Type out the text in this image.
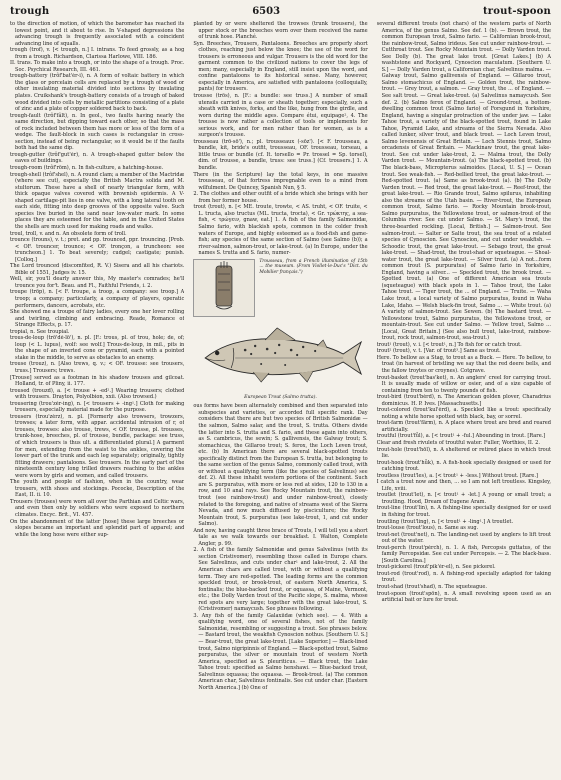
trough	6503	trout-spoon

to the direction of motion, of which the barometer has reached its lowest point, and it about to rise. In V-shaped depressions the advancing trough is frequently associated with a coincident advancing line of squalls.

trough (trof), v. [< trough, n.] I. intrans. To feed grossly, as a hog from a trough. Richardson, Clarissa Harlowe, VIII. 186.

II. trans. To make into a trough, or into the shape of a trough. Proc. Soc. Psychical Research, III. 461.

trough-battery (trôf'bat'ėr-i), n. A form of voltaic battery in which the glass or porcelain cells are replaced by a trough of wood or other insulating material divided into sections by insulating plates. Cruikshank's trough-battery consists of a trough of baked wood divided into cells by metallic partitions consisting of a plate of zinc and a plate of copper soldered back to back.

trough-fault (trôf'fâlt), n. In geol., two faults having nearly the same direction, but dipping toward each other, so that the mass of rock included between them has more or less of the form of a wedge. The fault-block in such cases is rectangular in cross-section, instead of being rectangular, so it would be if the faults both had the same dip.

trough-gutter (trôf'gut'ėr), n. A trough-shaped gutter below the eaves of buildings.

trough-room (trôf'röm), n. In fish-culture, a hatching-house.

trough-shell (trôf'shel), n. A round clam; a member of the Mactridæ (where see cut), especially the British Mactra solida and M. stultorum. These have a shell of nearly triangular form, with thick opaque valves covered with brownish epidermis. A V-shaped cartilage-pit lies in one valve, with a long lateral tooth on each side, fitting into deep grooves of the opposite valve. Such species live buried in the sand near low-water mark. In some places they are esteemed for the table, and in the United States the shells are much used for making roads and walks.

troul, troll, v. and n. An obsolete form of troll.

trounce (trouns), v. t.; pret. and pp. trounced, ppr. trouncing. [Prob. < OF. trouncer, trounce; < OF. tronçon, a truncheon: see truncheon.] 1. To beat severely; cudgel; castigate; punish. [Colloq.]

The Lord trounced (discomfited, R. V.) Sisera and all his chariots. Bible of 1551, Judges iv. 15.

Well, sir, you'll dearly answer this, My master's comrades; he'll trounce you for't. Beau. and Fl., Faithful Friends, i. 2.

troupe (tröp), n. [< F. troupe, a troop, a company: see troop.] A troop; a company; particularly, a company of players, operatic performers, dancers, acrobats, etc.

She showed me a troupe of fairy ladies, every one her lover rolling and twirling, climbing and embracing. Reade, Romance of Strange Effects, p. 17.

tropial, n. See troupial.

trous-de-loup (trö'dė-lö'), n. pl. [F.: trous, pl. of trou, hole; de, of; loup (< L. lupus), wolf: see wolf.] Trous-de-loup, in mil., pits in the shape of an inverted cone or pyramid, each with a pointed stake in the middle, to serve as obstacles to an enemy.

trouse (trouz), n. [Also trews, q. v.; < OF. trousse: see trousers, truss.] Trousers; trews.

[Trouse] served as a footman in his shadow trouses and gilcoat. Holland, tr. of Pliny, ii. 177.

troused (trouzd), a. [< trouse + -ed².] Wearing trousers; clothed with trousers. Drayton, Polyolbion, xxii. (Also trowsed.)

trousering (trou'zėr-ing), n. [< trousers + -ing¹.] Cloth for making trousers, especially material made for the purpose.

trousers (trou'zėrz), n. pl. [Formerly also trowsers, trowzers, trowses; a later form, with appar. accidental intrusion of r, of trouses, trowses: also trouse, trews, < OF. trousse, pl. trousses, trunk-hose, breeches, pl. of trousse, bundle, package: see truss, of which trousers is thus ult. a differentiated plural.] A garment for men, extending from the waist to the ankles, covering the lower part of the trunk and each leg separately; originally, tightly fitting drawers; pantaloons. See trousers. In the early part of the nineteenth century long trilled drawers reaching to the ankles were worn by girls and women, and called trousers.

The youth and people of fashion, when in the country, wear trousers, with shoes and stockings. Pococke, Description of the East, II. ii. 10.

Trousers (trouses) were worn all over the Parthian and Celtic wars, and even then only by soldiers who were exposed to northern climates. Encyc. Brit., VI. 457.

On the abandonment of the latter [hose] these large breeches or slopes became an important and splendid part of apparel; and while the long hose were either sup-

planted by or were sheltered the trowses (trunk trousers), the upper stock or the breeches worn over them received the name of trunk hose. Planché.

Syn. Breeches, Trousers, Pantaloons. Breeches are properly short clothes, reaching just below the knee; the use of the word for trousers is erroneous and vulgar. Trousers is the old word for the garment common to the civilized nations to cover the legs of men; many, especially in England, still insist upon the word, and confine pantaloons to its historical sense. Many, however, especially in America, are satisfied with pantaloons (colloquially, pants) for trousers.

trousse (trös), n. [F.: a bundle: see truss.] A number of small utensils carried in a case or sheath together; especially, such a sheath with knives, forks, and the like, hung from the girdle, and worn during the middle ages. Compare étui, equipage², 4. The trousse is now rather a collection of tools or implements for serious work, and for men rather than for women, as is a surgeon's trousse.

trousseau (trö-sō'), n.; pl. trousseaux (-sōz'). [< F. trousseau, a bundle, kit, bride's outfit, trousseau, OF. trousseau, torseau, a little truss or bundle (cf. It. torsello = Pr. trossel = Sp. torsel), dim. of trousse, a bundle, truss: see truss.] (Cf. trousers.] 1. A bundle.

There (in the Scripture) lay the total keys, in one massive trousseau, of that fortress impregnable even to a mind from wilfulment. De Quincey, Spanish Nun, § 5.

2. The clothes and other outfit of a bride which she brings with her from her former house.

trout (trout), n. [< ME. troute, trowte, < AS. truht, < OF. truite, < L. tructa, also tructus (ML. tructa, trocta), < Gr. τρώκτης, a sea-fish, < τρώγειν, gnaw, eat.] 1. A fish of the family Salmonidæ, Salmo fario, with blackish spots, common in the colder fresh waters of Europe, and highly esteemed as a food-fish and game-fish; any species of the same section of Salmo (see Salmo (b)); a river-salmon, salmon-trout, or lake-trout. (a) In Europe, under the names S. trutta and S. fario, numer-

Trousseau, from a French illumination of 15th ... the museum. (From Viollet-le-Duc's "Dict. du Mobilier français.")
European Trout (Salmo trutta).

ous forms have been alternately combined and then separated into subspecies and varieties, or accorded full specific rank. Day considers that there are but two species of British Salmonidæ — the salmon, Salmo salar, and the trout, S. trutta. Others divide the latter into S. trutta and S. fario, and these again into others, as S. cambricus, the sewin; S. gallivensis, the Galway trout; S. stomachicus, the Gillaroo trout; S. ferox, the Loch Leven trout, etc. (b) In American there are several black-spotted trouts specifically distinct from the European S. trutta, but belonging to the same section of the genus Salmo, commonly called trout, with or without a qualifying term (like the species of Salvelinus) see def. 2). All these inhabit western portions of the continent. Such are S. purpuratus, with more or less red at sides, 120 to 130 in a row, and 10 anal rays. See Rocky Mountain trout, the rainbow-trout (see rainbow-trout) and under rainbow-trout), closely related to the foregoing, and native of streams west of the Sierra Nevada, and now much diffused by pisciculture; the Rocky Mountain trout, S. purpuratus (see lake-trout, 1, and cut under Salmo).

And now, having caught three brace of Trouts, I will tell you a short tale as we walk towards our breakfast. I. Walton, Complete Angler, p. 99.

2. A fish of the family Salmonidæ and genus Salvelinus (with its section Cristivomer), resembling those called in Europe chars. See Salvelinus, and cuts under char¹ and lake-trout, 2. All the American chars are called trout, with or without a qualifying term. They are red-spotted. The leading forms are the common speckled trout, or brook-trout, of eastern North America, S. fontinalis; the blue-backed trout, or oquassa, of Maine, Vermont, etc.; the Dolly Varden trout of the Pacific slope, S. malma, whose red spots are very large; together with the great lake-trout, S. (Cristivomer) namaycush. See phrases following.

3. Any fish of the family Galaxiidæ (which see). — 4. With a qualifying word, one of several fishes, not of the family Salmonidæ, resembling or suggesting a trout. See phrases below. — Bastard trout, the weakfish Cynoscion nothus. [Southern U. S.] — Bear-trout, the great lake-trout. [Lake Superior.] — Black-lined trout, Salmo nigripinnis of England. — Black-spotted trout, Salmo purpuratus, the silver or mountain trout of western North America, specified as S. pleuriticus. — Black trout, the Lake Tahoe trout: specified as Salmo henshawi. — Blue-backed trout, Salvelinus oquassa; the oquassa. — Brook-trout. (a) The common American char, Salvelinus fontinalis. See cut under char. [Eastern North America.] (b) One of

several different trouts (not chars) of the western parts of North America, of the genus Salmo. See def. 1 (b). — Brown trout, the common European trout, Salmo fario. — Californian brook-trout, the rainbow-trout, Salmo irideus. See cut under rainbow-trout. — Cutthroat trout. See Rocky Mountain trout. — Dolly Varden trout. See Dolly (b). The great lake trout. [Great Lakes.] (b) A washtstone and Rockyard, Cynoscion maculatum. [Southern U. S.] — Dolly Varden trout, a Californian char, Salvelinus malma. — Galway trout, Salmo gallivensis of England. — Gillaroo trout, Salmo stomachicus of England. — Golden trout, the rainbow-trout. — Grey trout, a salmon. — Gray trout, the ... of England. — See salt trout. — Great lake-trout. (a) Salvelinus namaycush. See def. 2. (b) Salmo ferox of England. — Ground-trout, a bottom-dwelling common trout (Salmo fario) of Forsgund in Yorkshire, England, having a singular protraction of the under jaw. — Lake Tahoe trout, a variety of the black-spotted trout, found in Lake Tahoe, Pyramid Lake, and streams of the Sierra Nevada. Also called lunker, silver trout, and black trout. — Loch Leven trout, Salmo levenensis of Great Britain. — Loch Stennis trout, Salmo orcadensis of Great Britain. — Mackinaw trout, the great lake-trout. See cut under lake-trout, 2. — Malma trout, the Dolly Varden trout. — Mountain-trout. (a) The black-spotted trout. (b) The black-bass, Micropterus salmoides. [Local, U. S.] — Ocean trout. See weak-fish. — Red-bellied trout, the great lake-trout. — Red-spotted trout. (a) Same as brook-trout (a). (b) The Dolly Varden trout. — Red trout, the great lake-trout. — Reef-trout, the great lake-trout. — Rio Grande trout, Salmo spilurus, inhabiting also the streams of the Utah basin. — River-trout, the European common trout, Salmo fario. — Rocky Mountain brook-trout, Salmo purpuratus, the Yellowstone trout, or salmon-trout of the Columbia river. See cut under Salmo. — St. Mary's trout, the three-bearded rockling. [Local, British.] — Salmon-trout. See salmon-trout. — Salter or Salte trout, the sea trout of a related species of Cynoscion. See Cynoscion, and cut under weakfish. — Schoodic trout, the great lake-trout. — Sebago trout, the great lake-trout. — Shad-trout, the trout-shad or squeteague. — Shoal-water trout, the great lake-trout. — Silver trout. (a) A not...form common trout (S. purpuratus) of Salmo fario in Yorkshire, England, having a silver... — Speckled trout, the brook trout. — Spotted trout. (a) One of different American sea trouts (squeteague) with black spots in 1. — Tahoe trout, the Lake Tahoe trout. — Tiger trout, the ... of England. — Truite. — Waha Lake trout, a local variety of Salmo purpuratus, found in Waha Lake, Idaho. — Welsh black-fin trout, Salmo ... — White trout. (a) A variety of salmon-trout. See Sewen. (b) The bastard trout. — Yellowstone trout, Salmo purpuratus, the Yellowstone trout, or mountain-trout. See cut under Salmo. — Yellow trout, Salmo ... [Local, Great Britain.] (See also bull trout, lake-trout, rainbow-trout, rock trout, salmon-trout, sea-trout.)

trout¹ (trout), v. i. [< trout¹, n.] To fish for or catch trout.

trout² (trout), v. t. [Var. of trout³.] Same as trout.

Here. To bellow as a Stag, to trout as a Buck. — Here. To bellow, to troat (in harvest of bristling we say that the red deere bells, and the fallow troytes or croynes). Cotgrave.

trout-basket (trout'bas'ket), n. An anglers' creel for carrying trout. It is usually made of willow or osier, and of a size capable of containing from ten to twenty pounds of fish.

trout-bird (trout'bėrd), n. The American golden plover, Charadrius dominicus. H. P. Ives. [Massachusetts.]

trout-colored (trout'kul'ėrd), a. Speckled like a trout: specifically noting a white horse spotted with black, bay, or sorrel.

trout-farm (trout'färm), n. A place where trout are bred and reared artificially.

troutful (trout'fůl), a. [< trout¹ + -ful.] Abounding in trout. [Rare.]

Clear and fresh rivulets of troutful water. Fuller, Worthies, II. 2.

trout-hole (trout'hōl), n. A sheltered or retired place in which trout lie.

trout-hook (trout'hůk), n. A fish-hook specially designed or used for catching trout.

troutless (trout'les), a. [< trout¹ + -less.] Without trout. [Rare.]

I catch a trout now and then, ... so I am not left troutless. Kingsley, Life, xviii.

troutlet (trout'let), n. [< trout¹ + -let.] A young or small trout; a troutling. Hood, Dream of Eugene Aram.

trout-line (trout'lin), n. A fishing-line specially designed for or used in fishing for trout.

troutling (trout'ling), n. [< trout¹ + -ling¹.] A troutlet.

trout-louse (trout'lous), n. Same as sug.

trout-net (trout'net), n. The landing-net used by anglers to lift trout out of the water.

trout-perch (trout'pėrch), n. 1. A fish, Percopsis guttatus, of the family Percopsidæ. See cut under Percopsis. — 2. The black-bass. [South Carolina.]

trout-pickerel (trout'pik'ėr-el), n. See pickerel.

trout-rod (trout'rod), n. A fishing-rod specially adapted for taking trout.

trout-shad (trout'shad), n. The squeteague.

trout-spoon (trout'spön), n. A small revolving spoon used as an artificial bait or lure for trout.
